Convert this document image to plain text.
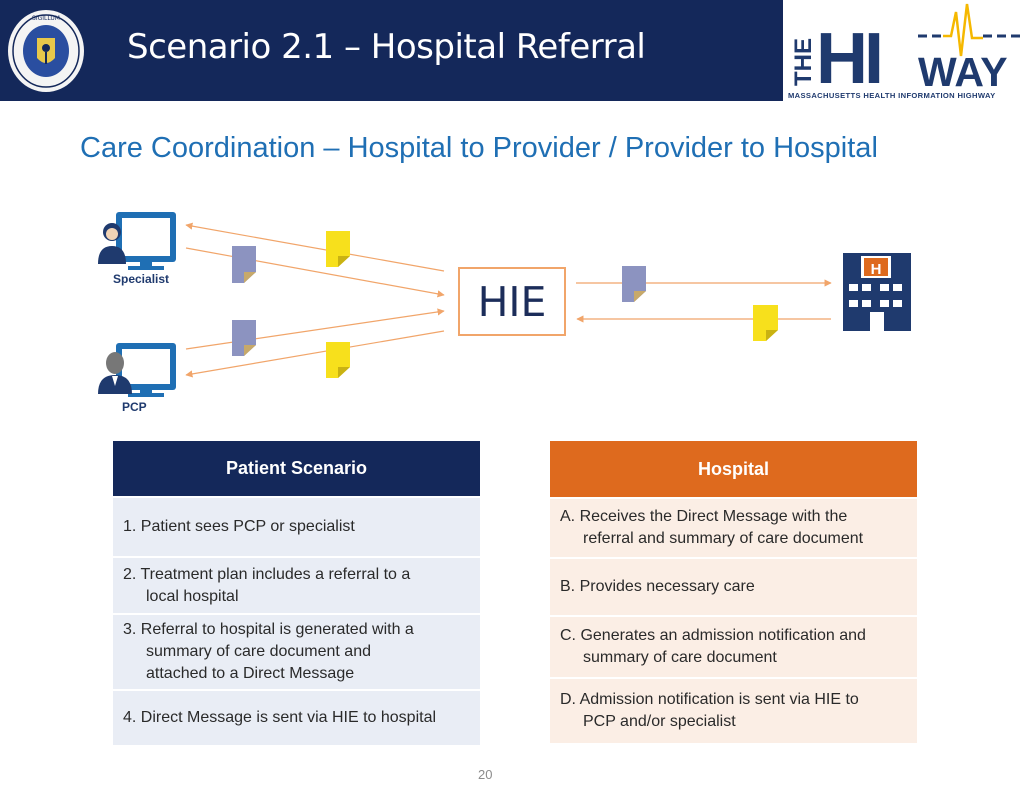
SIGILLUM
Scenario 2.1 – Hospital Referral	THE HI WAY
MASSACHUSETTS HEALTH INFORMATION HIGHWAY
Care Coordination – Hospital to Provider / Provider to Hospital
H
HIE
Specialist
PCP
Patient Scenario
1. Patient sees PCP or specialist
2. Treatment plan includes a referral to a
local hospital
3. Referral to hospital is generated with a
summary of care document and
attached to a Direct Message
4. Direct Message is sent via HIE to hospital
Hospital
A. Receives the Direct Message with the
referral and summary of care document
B. Provides necessary care
C. Generates an admission notification and
summary of care document
D. Admission notification is sent via HIE to
PCP and/or specialist
20
